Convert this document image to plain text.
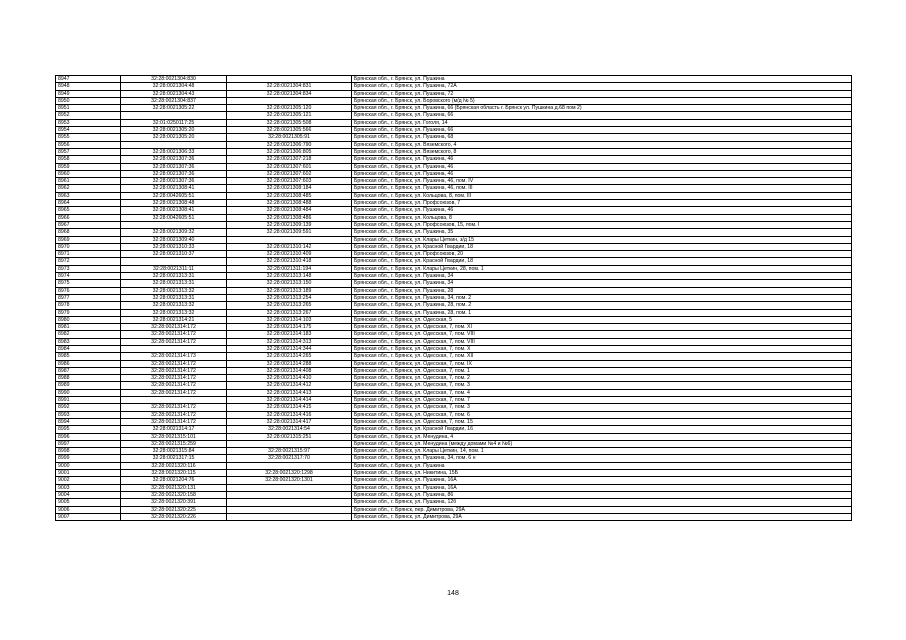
8947	32:28:0021304:830		Брянская обл., г. Брянск, ул. Пушкина
8948	32:28:0021304:48	32:28:0021304:831	Брянская обл., г. Брянск, ул. Пушкина, 72А
8949	32:28:0021304:43	32:28:0021304:834	Брянская обл., г. Брянск, ул. Пушкина, 72
8950	32:28:0021304:837		Брянская обл., г. Брянск, ул. Боровского (м/д № 5)
8951	32:28:0021305:22	32:28:0021305:120	Брянская обл., г. Брянск, ул. Пушкина, 66 (Брянская область г. Брянск ул. Пушкина д.68 пом 2)
8952		32:28:0021305:121	Брянская обл., г. Брянск, ул. Пушкина, 66
8953	32:01:0250117:25	32:28:0021305:508	Брянская обл., г. Брянск, ул. Гоголя, 14
8954	32:28:0021305:20	32:28:0021305:566	Брянская обл., г. Брянск, ул. Пушкина, 66
8955	32:28:0021305:20	32:28:0021305:91	Брянская обл., г. Брянск, ул. Пушкина, 68
8956		32:28:0021306:790	Брянская обл., г. Брянск, ул. Вяземского, 4
8957	32:28:0021306:33	32:28:0021306:805	Брянская обл., г. Брянск, ул. Вяземского, 8
8958	32:28:0021307:36	32:28:0021307:218	Брянская обл., г. Брянск, ул. Пушкина, 46
8959	32:28:0021307:36	32:28:0021307:601	Брянская обл., г. Брянск, ул. Пушкина, 46
8960	32:28:0021307:36	32:28:0021307:602	Брянская обл., г. Брянск, ул. Пушкина, 46
8961	32:28:0021307:36	32:28:0021307:603	Брянская обл., г. Брянск, ул. Пушкина, 46, пом. IV
8962	32:28:0021308:41	32:28:0021308:184	Брянская обл., г. Брянск, ул. Пушкина, 46, пом. III
8963	32:28:0042605:51	32:28:0021308:485	Брянская обл., г. Брянск, ул. Кольцова, 8, пом. III
8964	32:28:0021308:48	32:28:0021308:488	Брянская обл., г. Брянск, ул. Профсоюзов, 7
8965	32:28:0021308:41	32:28:0021308:484	Брянская обл., г. Брянск, ул. Пушкина, 46
8966	32:28:0042605:51	32:28:0021308:486	Брянская обл., г. Брянск, ул. Кольцова, 8
8967		32:28:0021309:139	Брянская обл., г. Брянск, ул. Профсоюзов, 15, пом. I
8968	32:28:0021309:32	32:28:0021309:591	Брянская обл., г. Брянск, ул. Пушкина, 35
8969	32:28:0021309:40		Брянская обл., г. Брянск, ул. Клары Цеткин, з/д 15
8970	32:28:0021310:33	32:28:0021310:142	Брянская обл., г. Брянск, ул. Красной Гвардии, 18
8971	32:28:0021310:37	32:28:0021310:409	Брянская обл., г. Брянск, ул. Профсоюзов, 20
8972		32:28:0021310:418	Брянская обл., г. Брянск, ул. Красной Гвардии, 18
8973	32:28:0021311:11	32:28:0021311:194	Брянская обл., г. Брянск, ул. Клары Цеткин, 28, пом. 1
8974	32:28:0021313:31	32:28:0021313:148	Брянская обл., г. Брянск, ул. Пушкина, 34
8975	32:28:0021313:31	32:28:0021313:150	Брянская обл., г. Брянск, ул. Пушкина, 34
8976	32:28:0021313:32	32:28:0021313:189	Брянская обл., г. Брянск, ул. Пушкина, 28
8977	32:28:0021313:31	32:28:0021313:254	Брянская обл., г. Брянск, ул. Пушкина, 34, пом. 2
8978	32:28:0021313:32	32:28:0021313:265	Брянская обл., г. Брянск, ул. Пушкина, 28, пом. 2
8979	32:28:0021313:32	32:28:0021313:267	Брянская обл., г. Брянск, ул. Пушкина, 28, пом. 1
8980	32:28:0021314:21	32:28:0021314:103	Брянская обл., г. Брянск, ул. Одесская, 5
8981	32:28:0021314:172	32:28:0021314:175	Брянская обл., г. Брянск, ул. Одесская, 7, пом. XI
8982	32:28:0021314:172	32:28:0021314:183	Брянская обл., г. Брянск, ул. Одесская, 7, пом. VIII
8983	32:28:0021314:172	32:28:0021314:313	Брянская обл., г. Брянск, ул. Одесская, 7, пом. VIII
8984		32:28:0021314:344	Брянская обл., г. Брянск, ул. Одесская, 7, пом. X
8985	32:28:0021314:173	32:28:0021314:265	Брянская обл., г. Брянск, ул. Одесская, 7, пом. XII
8986	32:28:0021314:172	32:28:0021314:288	Брянская обл., г. Брянск, ул. Одесская, 7, пом. IX
8987	32:28:0021314:172	32:28:0021314:408	Брянская обл., г. Брянск, ул. Одесская, 7, пом. 1
8988	32:28:0021314:172	32:28:0021314:410	Брянская обл., г. Брянск, ул. Одесская, 7, пом. 2
8989	32:28:0021314:172	32:28:0021314:412	Брянская обл., г. Брянск, ул. Одесская, 7, пом. 3
8990	32:28:0021314:172	32:28:0021314:413	Брянская обл., г. Брянск, ул. Одесская, 7, пом. 4
8991		32:28:0021314:414	Брянская обл., г. Брянск, ул. Одесская, 7, пом. 7
8992	32:28:0021314:172	32:28:0021314:415	Брянская обл., г. Брянск, ул. Одесская, 7, пом. 3
8993	32:28:0021314:172	32:28:0021314:416	Брянская обл., г. Брянск, ул. Одесская, 7, пом. 6
8994	32:28:0021314:172	32:28:0021314:417	Брянская обл., г. Брянск, ул. Одесская, 7, пом. 15
8995	32:28:0021314:17	32:28:0021314:54	Брянская обл., г. Брянск, ул. Красной Гвардии, 16
8996	32:28:0021315:101	32:28:0021315:251	Брянская обл., г. Брянск, ул. Менудина, 4
8997	32:28:0021315:259		Брянская обл., г. Брянск, ул. Менудина (между домами №4 и №6)
8998	32:28:0021315:84	32:28:0021315:97	Брянская обл., г. Брянск, ул. Клары Цеткин, 14, пом. 1
8999	32:28:0021317:15	32:28:0021317:70	Брянская обл., г. Брянск, ул. Пушкина, 34, пом. 6 н
9000	32:28:0021320:116		Брянская обл., г. Брянск, ул. Пушкина
9001	32:28:0021320:115	32:28:0021320:1298	Брянская обл., г. Брянск, ул. Никитина, 15Б
9002	32:28:0021204:76	32:28:0021320:1301	Брянская обл., г. Брянск, ул. Пушкина, 16А
9003	32:28:0021320:131		Брянская обл., г. Брянск, ул. Пушкина, 16А
9004	32:28:0021320:158		Брянская обл., г. Брянск, ул. Пушкина, 86
9005	32:28:0021320:391		Брянская обл., г. Брянск, ул. Пушкина, 12б
9006	32:28:0021320:225		Брянская обл., г. Брянск, пер. Димитрова, 29А
9007	32:28:0021320:226		Брянская обл., г. Брянск, ул. Димитрова, 29А
148
